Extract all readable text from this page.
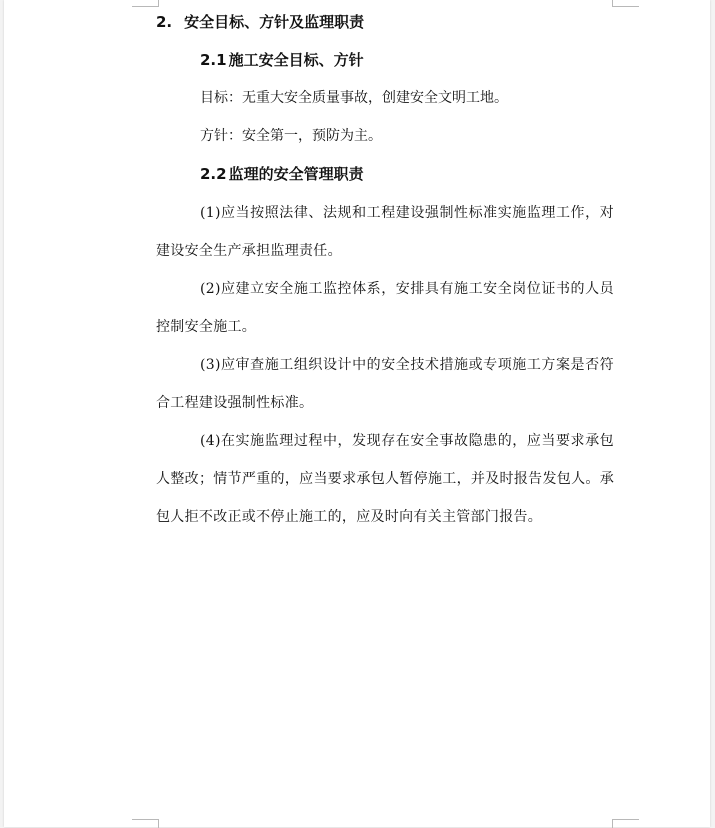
2. 安全目标、方针及监理职责

2.1 施工安全目标、方针

目标：无重大安全质量事故，创建安全文明工地。

方针：安全第一，预防为主。

2.2 监理的安全管理职责

(1)应当按照法律、法规和工程建设强制性标准实施监理工作，对建设安全生产承担监理责任。

(2)应建立安全施工监控体系，安排具有施工安全岗位证书的人员控制安全施工。

(3)应审查施工组织设计中的安全技术措施或专项施工方案是否符合工程建设强制性标准。

(4)在实施监理过程中，发现存在安全事故隐患的，应当要求承包人整改；情节严重的，应当要求承包人暂停施工，并及时报告发包人。承包人拒不改正或不停止施工的，应及时向有关主管部门报告。
